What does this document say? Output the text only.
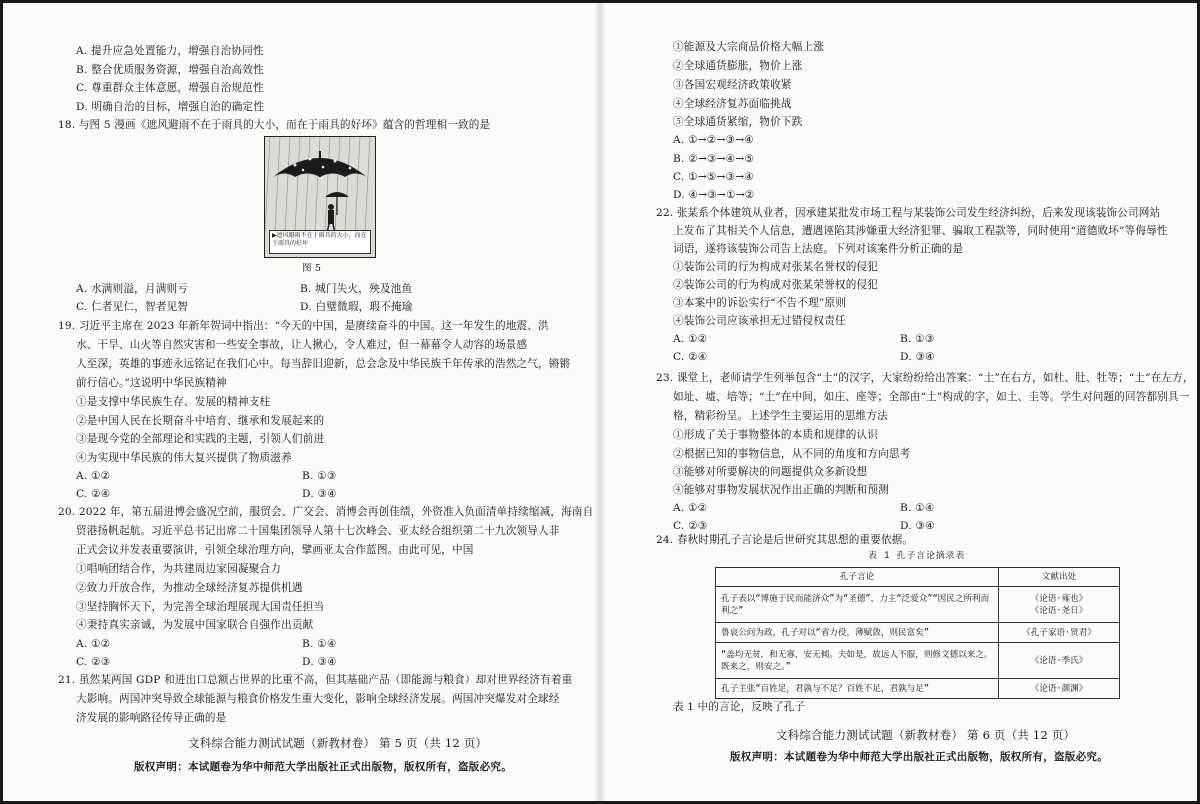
A. 提升应急处置能力，增强自治协同性
B. 整合优质服务资源，增强自治高效性
C. 尊重群众主体意愿，增强自治规范性
D. 明确自治的目标，增强自治的确定性
18. 与图 5 漫画《遮风避雨不在于雨具的大小，而在于雨具的好坏》蕴含的哲理相一致的是
▶遮风避雨不在于雨具的大小，而在于雨具的好坏
图 5
A. 水满则溢，月满则亏	B. 城门失火，殃及池鱼
C. 仁者见仁，智者见智	D. 白璧微瑕，瑕不掩瑜
19. 习近平主席在 2023 年新年贺词中指出：“今天的中国，是赓续奋斗的中国。这一年发生的地震、洪
水、干旱、山火等自然灾害和一些安全事故，让人揪心，令人难过，但一幕幕令人动容的场景感
人至深，英雄的事迹永远铭记在我们心中。每当辞旧迎新，总会念及中华民族千年传承的浩然之气，锵锵
前行信心。”这说明中华民族精神
①是支撑中华民族生存、发展的精神支柱
②是中国人民在长期奋斗中培育、继承和发展起来的
③是现今党的全部理论和实践的主题，引领人们前进
④为实现中华民族的伟大复兴提供了物质滋养
A. ①②	B. ①③
C. ②④	D. ③④
20. 2022 年，第五届进博会盛况空前，服贸会、广交会、消博会再创佳绩，外资准入负面清单持续缩减，海南自
贸港扬帆起航。习近平总书记出席二十国集团领导人第十七次峰会、亚太经合组织第二十九次领导人非
正式会议并发表重要演讲，引领全球治理方向，擘画亚太合作蓝图。由此可见，中国
①唱响团结合作，为共建周边家园凝聚合力
②致力开放合作，为推动全球经济复苏提供机遇
③坚持胸怀天下，为完善全球治理展现大国责任担当
④秉持真实亲诚，为发展中国家联合自强作出贡献
A. ①②	B. ①④
C. ②③	D. ③④
21. 虽然某两国 GDP 和进出口总额占世界的比重不高，但其基础产品（即能源与粮食）却对世界经济有着重
大影响。两国冲突导致全球能源与粮食价格发生重大变化，影响全球经济发展。两国冲突爆发对全球经
济发展的影响路径传导正确的是
文科综合能力测试试题（新教材卷） 第 5 页（共 12 页）
版权声明：本试题卷为华中师范大学出版社正式出版物，版权所有，盗版必究。
①能源及大宗商品价格大幅上涨
②全球通货膨胀，物价上涨
③各国宏观经济政策收紧
④全球经济复苏面临挑战
⑤全球通货紧缩，物价下跌
A. ①→②→③→④
B. ②→③→④→⑤
C. ①→⑤→③→④
D. ④→③→①→②
22. 张某系个体建筑从业者，因承建某批发市场工程与某装饰公司发生经济纠纷，后来发现该装饰公司网站
上发布了其相关个人信息，遭遇诬陷其涉嫌重大经济犯罪、骗取工程款等，同时使用“道德败坏”等侮辱性
词语，遂将该装饰公司告上法庭。下列对该案件分析正确的是
①装饰公司的行为构成对张某名誉权的侵犯
②装饰公司的行为构成对张某荣誉权的侵犯
③本案中的诉讼实行“不告不理”原则
④装饰公司应该承担无过错侵权责任
A. ①②	B. ①③
C. ②④	D. ③④
23. 课堂上，老师请学生列举包含“土”的汉字，大家纷纷给出答案：“土”在右方，如杜、肚、牡等；“土”在左方，
如址、墟、培等；“土”在中间，如庄、座等；全部由“土”构成的字，如土、圭等。学生对问题的回答都别具一
格，精彩纷呈。上述学生主要运用的思维方法
①形成了关于事物整体的本质和规律的认识
②根据已知的事物信息，从不同的角度和方向思考
③能够对所要解决的问题提供众多新设想
④能够对事物发展状况作出正确的判断和预测
A. ①②	B. ①④
C. ②③	D. ③④
24. 春秋时期孔子言论是后世研究其思想的重要依据。
表 1 孔子言论摘录表
孔子言论	文献出处
孔子表以“博施于民而能济众”为“圣德”，力主“泛爱众”“因民之所利而利之”	《论语·雍也》
《论语·尧日》
鲁哀公问为政，孔子对以“省力役，薄赋敛，则民富矣”	《孔子家语·贤君》
“盖均无贫，和无寡，安无倾。夫如是，故远人不服，则修文德以来之。既来之，则安之。”	《论语·季氏》
孔子主张“百姓足，君孰与不足？百姓不足，君孰与足”	《论语·颜渊》
表 1 中的言论，反映了孔子
文科综合能力测试试题（新教材卷） 第 6 页（共 12 页）
版权声明：本试题卷为华中师范大学出版社正式出版物，版权所有，盗版必究。
